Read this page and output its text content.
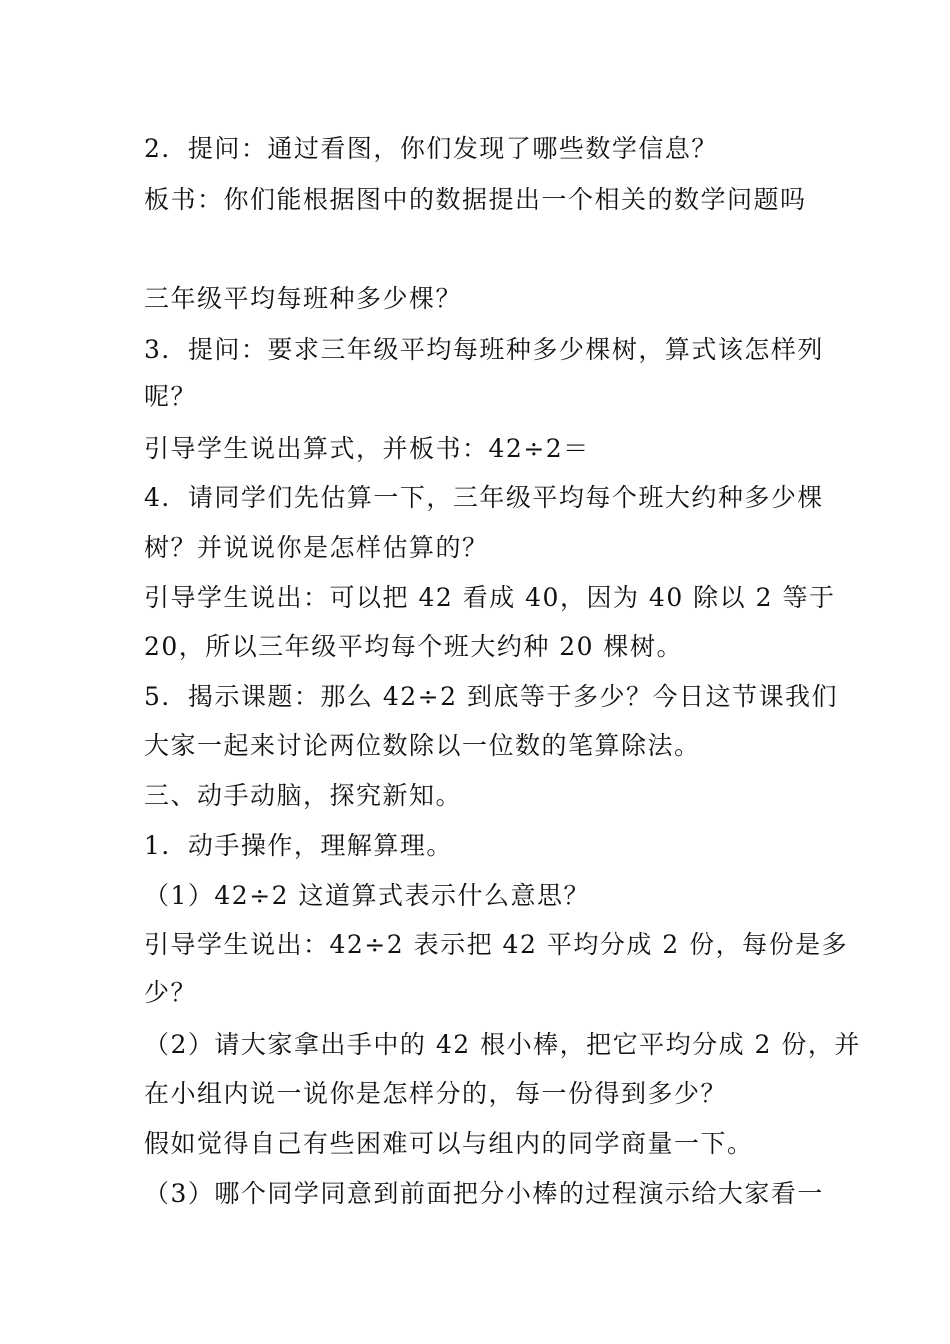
2．提问：通过看图，你们发现了哪些数学信息？
板书：你们能根据图中的数据提出一个相关的数学问题吗
三年级平均每班种多少棵？
3．提问：要求三年级平均每班种多少棵树，算式该怎样列
呢？
引导学生说出算式，并板书：42÷2＝
4．请同学们先估算一下，三年级平均每个班大约种多少棵
树？并说说你是怎样估算的？
引导学生说出：可以把 42 看成 40，因为 40 除以 2 等于
20，所以三年级平均每个班大约种 20 棵树。
5．揭示课题：那么 42÷2 到底等于多少？今日这节课我们
大家一起来讨论两位数除以一位数的笔算除法。
三、动手动脑，探究新知。
1．动手操作，理解算理。
（1）42÷2 这道算式表示什么意思？
引导学生说出：42÷2 表示把 42 平均分成 2 份，每份是多
少？
（2）请大家拿出手中的 42 根小棒，把它平均分成 2 份，并
在小组内说一说你是怎样分的，每一份得到多少？
假如觉得自己有些困难可以与组内的同学商量一下。
（3）哪个同学同意到前面把分小棒的过程演示给大家看一
